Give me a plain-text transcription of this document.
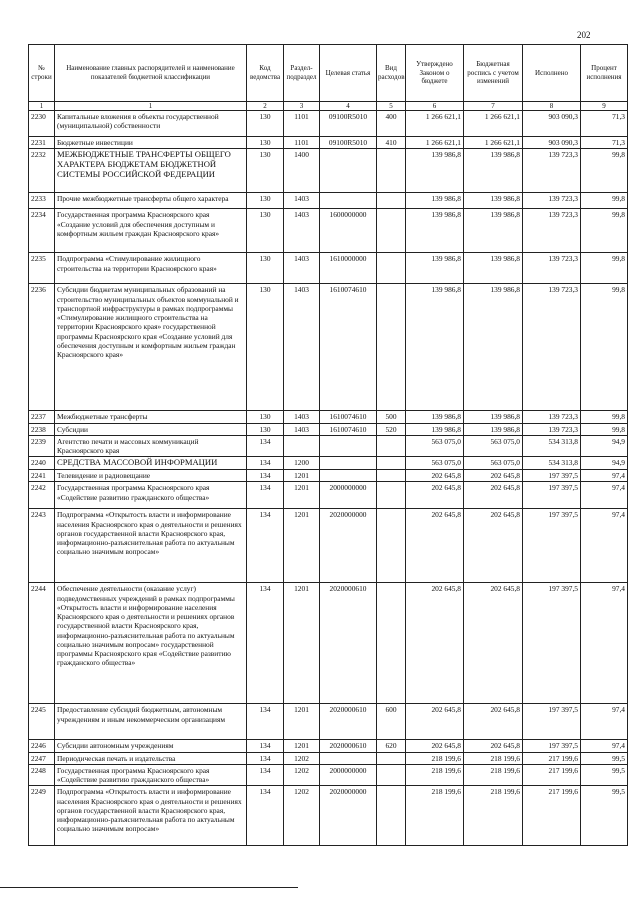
202
№ строки	Наименование главных распорядителей и наименование показателей бюджетной классификации	Код ведомства	Раздел-подраздел	Целевая статья	Вид расходов	Утверждено Законом о бюджете	Бюджетная роспись с учетом изменений	Исполнено	Процент исполнения
1	1	2	3	4	5	6	7	8	9
2230	Капитальные вложения в объекты государственной (муниципальной) собственности	130	1101	09100R5010	400	1 266 621,1	1 266 621,1	903 090,3	71,3
2231	Бюджетные инвестиции	130	1101	09100R5010	410	1 266 621,1	1 266 621,1	903 090,3	71,3
2232	МЕЖБЮДЖЕТНЫЕ ТРАНСФЕРТЫ ОБЩЕГО ХАРАКТЕРА БЮДЖЕТАМ БЮДЖЕТНОЙ СИСТЕМЫ РОССИЙСКОЙ ФЕДЕРАЦИИ	130	1400			139 986,8	139 986,8	139 723,3	99,8
2233	Прочие межбюджетные трансферты общего характера	130	1403			139 986,8	139 986,8	139 723,3	99,8
2234	Государственная программа Красноярского края «Создание условий для обеспечения доступным и комфортным жильем граждан Красноярского края»	130	1403	1600000000		139 986,8	139 986,8	139 723,3	99,8
2235	Подпрограмма «Стимулирование жилищного строительства на территории Красноярского края»	130	1403	1610000000		139 986,8	139 986,8	139 723,3	99,8
2236	Субсидии бюджетам муниципальных образований на строительство муниципальных объектов коммунальной и транспортной инфраструктуры в рамках подпрограммы «Стимулирование жилищного строительства на территории Красноярского края» государственной программы Красноярского края «Создание условий для обеспечения доступным и комфортным жильем граждан Красноярского края»	130	1403	1610074610		139 986,8	139 986,8	139 723,3	99,8
2237	Межбюджетные трансферты	130	1403	1610074610	500	139 986,8	139 986,8	139 723,3	99,8
2238	Субсидии	130	1403	1610074610	520	139 986,8	139 986,8	139 723,3	99,8
2239	Агентство печати и массовых коммуникаций Красноярского края	134				563 075,0	563 075,0	534 313,8	94,9
2240	СРЕДСТВА МАССОВОЙ ИНФОРМАЦИИ	134	1200			563 075,0	563 075,0	534 313,8	94,9
2241	Телевидение и радиовещание	134	1201			202 645,8	202 645,8	197 397,5	97,4
2242	Государственная программа Красноярского края «Содействие развитию гражданского общества»	134	1201	2000000000		202 645,8	202 645,8	197 397,5	97,4
2243	Подпрограмма «Открытость власти и информирование населения Красноярского края о деятельности и решениях органов государственной власти Красноярского края, информационно-разъяснительная работа по актуальным социально значимым вопросам»	134	1201	2020000000		202 645,8	202 645,8	197 397,5	97,4
2244	Обеспечение деятельности (оказание услуг) подведомственных учреждений в рамках подпрограммы «Открытость власти и информирование населения Красноярского края о деятельности и решениях органов государственной власти Красноярского края, информационно-разъяснительная работа по актуальным социально значимым вопросам» государственной программы Красноярского края «Содействие развитию гражданского общества»	134	1201	2020000610		202 645,8	202 645,8	197 397,5	97,4
2245	Предоставление субсидий бюджетным, автономным учреждениям и иным некоммерческим организациям	134	1201	2020000610	600	202 645,8	202 645,8	197 397,5	97,4
2246	Субсидии автономным учреждениям	134	1201	2020000610	620	202 645,8	202 645,8	197 397,5	97,4
2247	Периодическая печать и издательства	134	1202			218 199,6	218 199,6	217 199,6	99,5
2248	Государственная программа Красноярского края «Содействие развитию гражданского общества»	134	1202	2000000000		218 199,6	218 199,6	217 199,6	99,5
2249	Подпрограмма «Открытость власти и информирование населения Красноярского края о деятельности и решениях органов государственной власти Красноярского края, информационно-разъяснительная работа по актуальным социально значимым вопросам»	134	1202	2020000000		218 199,6	218 199,6	217 199,6	99,5
